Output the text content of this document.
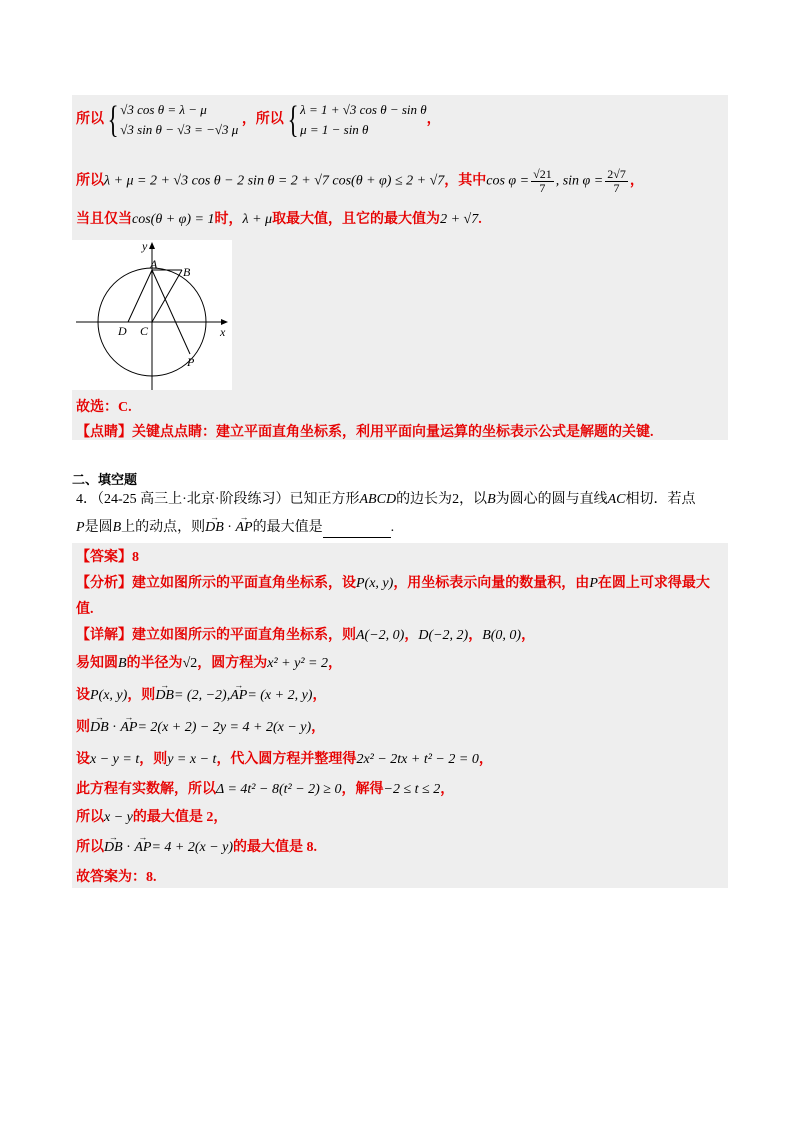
所以{ √3 cos θ = λ − μ
√3 sin θ − √3 = −√3 μ
，所以{ λ = 1 + √3 cos θ − sin θ
μ = 1 − sin θ
，
所以λ + μ = 2 + √3 cos θ − 2 sin θ = 2 + √7 cos(θ + φ) ≤ 2 + √7，其中$\cos \varphi = \frac{√21}{7}$ , $\sin \varphi = \frac{2√7}{7}$ ，
当且仅当cos(θ + φ) = 1时，λ + μ取最大值，且它的最大值为2 + √7.
y
x
A
B
C
D
P
故选：C.
【点睛】关键点点睛：建立平面直角坐标系，利用平面向量运算的坐标表示公式是解题的关键.
二、填空题
4．（24-25 高三上·北京·阶段练习）已知正方形ABCD的边长为2，以B为圆心的圆与直线AC相切．若点
P是圆B上的动点，则→ DB · → AP的最大值是	.
【答案】8
【分析】建立如图所示的平面直角坐标系，设P(x, y)，用坐标表示向量的数量积，由P在圆上可求得最大
值.
【详解】建立如图所示的平面直角坐标系，则A(−2, 0)，D(−2, 2)，B(0, 0)，
易知圆B的半径为√2，圆方程为x² + y² = 2，
设P(x, y)，则→ DB= (2, −2),→ AP= (x + 2, y)，
则→ DB · → AP= 2(x + 2) − 2y = 4 + 2(x − y)，
设x − y = t，则y = x − t，代入圆方程并整理得2x² − 2tx + t² − 2 = 0，
此方程有实数解，所以Δ = 4t² − 8(t² − 2) ≥ 0，解得−2 ≤ t ≤ 2，
所以x − y的最大值是 2，
所以→ DB · → AP= 4 + 2(x − y)的最大值是 8.
故答案为：8.
